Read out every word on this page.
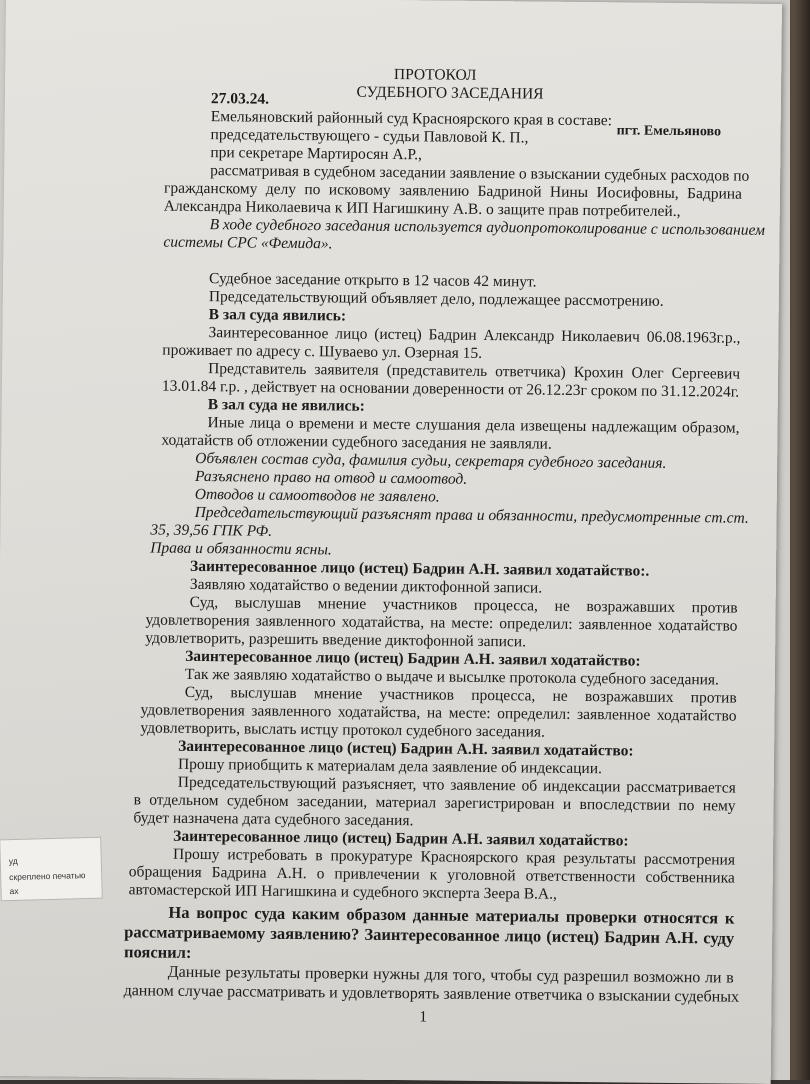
ПРОТОКОЛ
СУДЕБНОГО ЗАСЕДАНИЯ
27.03.24.
пгт. Емельяново
Емельяновский районный суд Красноярского края в составе:
председательствующего - судьи Павловой К. П.,
при секретаре Мартиросян А.Р.,
рассматривая в судебном заседании заявление о взыскании судебных расходов по
гражданскому делу по исковому заявлению Бадриной Нины Иосифовны, Бадрина
Александра Николаевича к ИП Нагишкину А.В. о защите прав потребителей.,
В ходе судебного заседания используется аудиопротоколирование с использованием
системы СРС «Фемида».
Судебное заседание открыто в 12 часов 42 минут.
Председательствующий объявляет дело, подлежащее рассмотрению.
В зал суда явились:
Заинтересованное лицо (истец) Бадрин Александр Николаевич 06.08.1963г.р.,
проживает по адресу с. Шуваево ул. Озерная 15.
Представитель заявителя (представитель ответчика) Крохин Олег Сергеевич
13.01.84 г.р. , действует на основании доверенности от 26.12.23г сроком по 31.12.2024г.
В зал суда не явились:
Иные лица о времени и месте слушания дела извещены надлежащим образом,
ходатайств об отложении судебного заседания не заявляли.
Объявлен состав суда, фамилия судьи, секретаря судебного заседания.
Разъяснено право на отвод и самоотвод.
Отводов и самоотводов не заявлено.
Председательствующий разъяснят права и обязанности, предусмотренные ст.ст.
35, 39,56 ГПК РФ.
Права и обязанности ясны.
Заинтересованное лицо (истец) Бадрин А.Н. заявил ходатайство:.
Заявляю ходатайство о ведении диктофонной записи.
Суд, выслушав мнение участников процесса, не возражавших против
удовлетворения заявленного ходатайства, на месте: определил: заявленное ходатайство
удовлетворить, разрешить введение диктофонной записи.
Заинтересованное лицо (истец) Бадрин А.Н. заявил ходатайство:
Так же заявляю ходатайство о выдаче и высылке протокола судебного заседания.
Суд, выслушав мнение участников процесса, не возражавших против
удовлетворения заявленного ходатайства, на месте: определил: заявленное ходатайство
удовлетворить, выслать истцу протокол судебного заседания.
Заинтересованное лицо (истец) Бадрин А.Н. заявил ходатайство:
Прошу приобщить к материалам дела заявление об индексации.
Председательствующий разъясняет, что заявление об индексации рассматривается
в отдельном судебном заседании, материал зарегистрирован и впоследствии по нему
будет назначена дата судебного заседания.
Заинтересованное лицо (истец) Бадрин А.Н. заявил ходатайство:
Прошу истребовать в прокуратуре Красноярского края результаты рассмотрения
обращения Бадрина А.Н. о привлечении к уголовной ответственности собственника
автомастерской ИП Нагишкина и судебного эксперта Зеера В.А.,
На вопрос суда каким образом данные материалы проверки относятся к
рассматриваемому заявлению? Заинтересованное лицо (истец) Бадрин А.Н. суду
пояснил:
Данные результаты проверки нужны для того, чтобы суд разрешил возможно ли в
данном случае рассматривать и удовлетворять заявление ответчика о взыскании судебных
1
уд
скреплено печатью
ах
